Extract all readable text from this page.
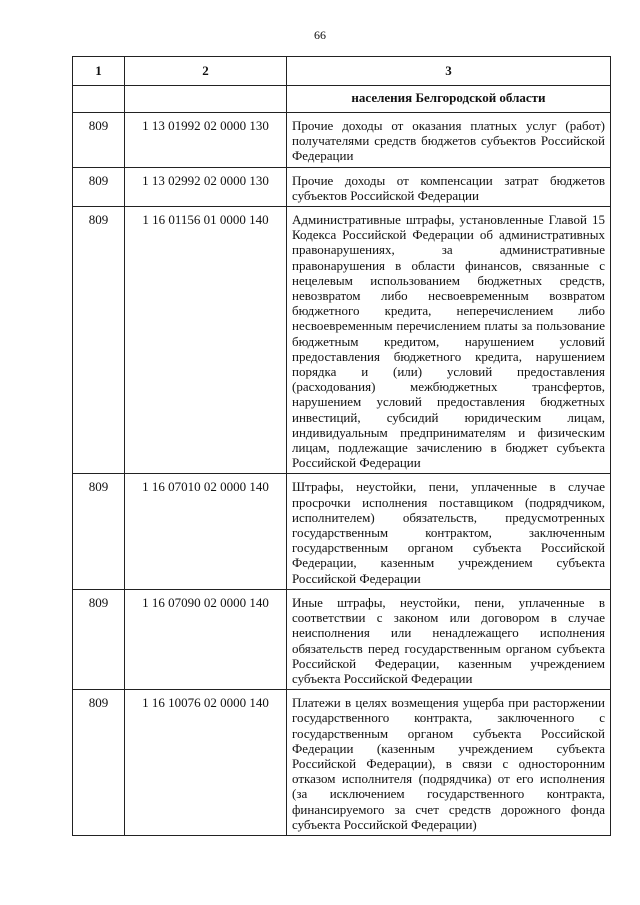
66
1	2	3
		населения Белгородской области
809	1 13 01992 02 0000 130	Прочие доходы от оказания платных услуг (работ) получателями средств бюджетов субъектов Российской Федерации
809	1 13 02992 02 0000 130	Прочие доходы от компенсации затрат бюджетов субъектов Российской Федерации
809	1 16 01156 01 0000 140	Административные штрафы, установленные Главой 15 Кодекса Российской Федерации об административных правонарушениях, за административные правонарушения в области финансов, связанные с нецелевым использованием бюджетных средств, невозвратом либо несвоевременным возвратом бюджетного кредита, неперечислением либо несвоевременным перечислением платы за пользование бюджетным кредитом, нарушением условий предоставления бюджетного кредита, нарушением порядка и (или) условий предоставления (расходования) межбюджетных трансфертов, нарушением условий предоставления бюджетных инвестиций, субсидий юридическим лицам, индивидуальным предпринимателям и физическим лицам, подлежащие зачислению в бюджет субъекта Российской Федерации
809	1 16 07010 02 0000 140	Штрафы, неустойки, пени, уплаченные в случае просрочки исполнения поставщиком (подрядчиком, исполнителем) обязательств, предусмотренных государственным контрактом, заключенным государственным органом субъекта Российской Федерации, казенным учреждением субъекта Российской Федерации
809	1 16 07090 02 0000 140	Иные штрафы, неустойки, пени, уплаченные в соответствии с законом или договором в случае неисполнения или ненадлежащего исполнения обязательств перед государственным органом субъекта Российской Федерации, казенным учреждением субъекта Российской Федерации
809	1 16 10076 02 0000 140	Платежи в целях возмещения ущерба при расторжении государственного контракта, заключенного с государственным органом субъекта Российской Федерации (казенным учреждением субъекта Российской Федерации), в связи с односторонним отказом исполнителя (подрядчика) от его исполнения (за исключением государственного контракта, финансируемого за счет средств дорожного фонда субъекта Российской Федерации)
